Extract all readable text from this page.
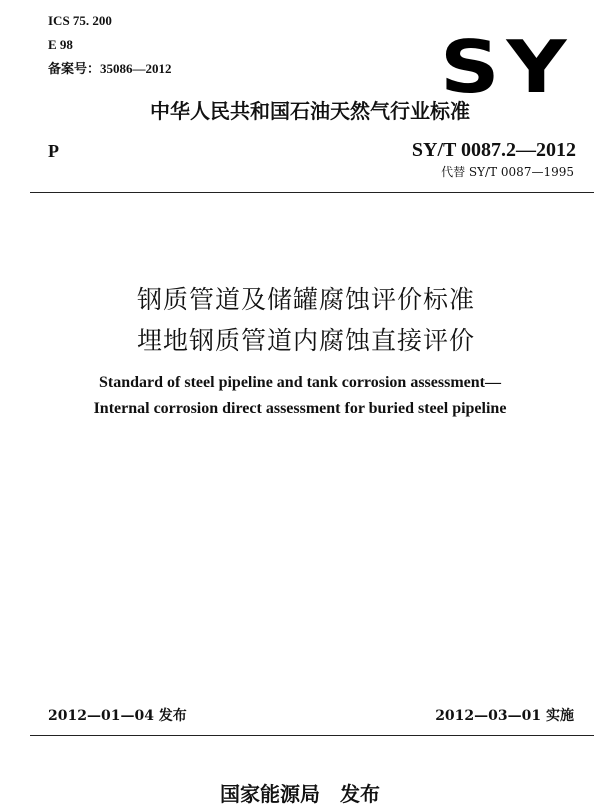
ICS 75. 200
E 98
备案号：35086—2012	SY
中华人民共和国石油天然气行业标准
P	SY/T 0087.2—2012
代替 SY/T 0087—1995
钢质管道及储罐腐蚀评价标准
埋地钢质管道内腐蚀直接评价
Standard of steel pipeline and tank corrosion assessment—
Internal corrosion direct assessment for buried steel pipeline
2012—01—04 发布	2012—03—01 实施
国家能源局　发布
